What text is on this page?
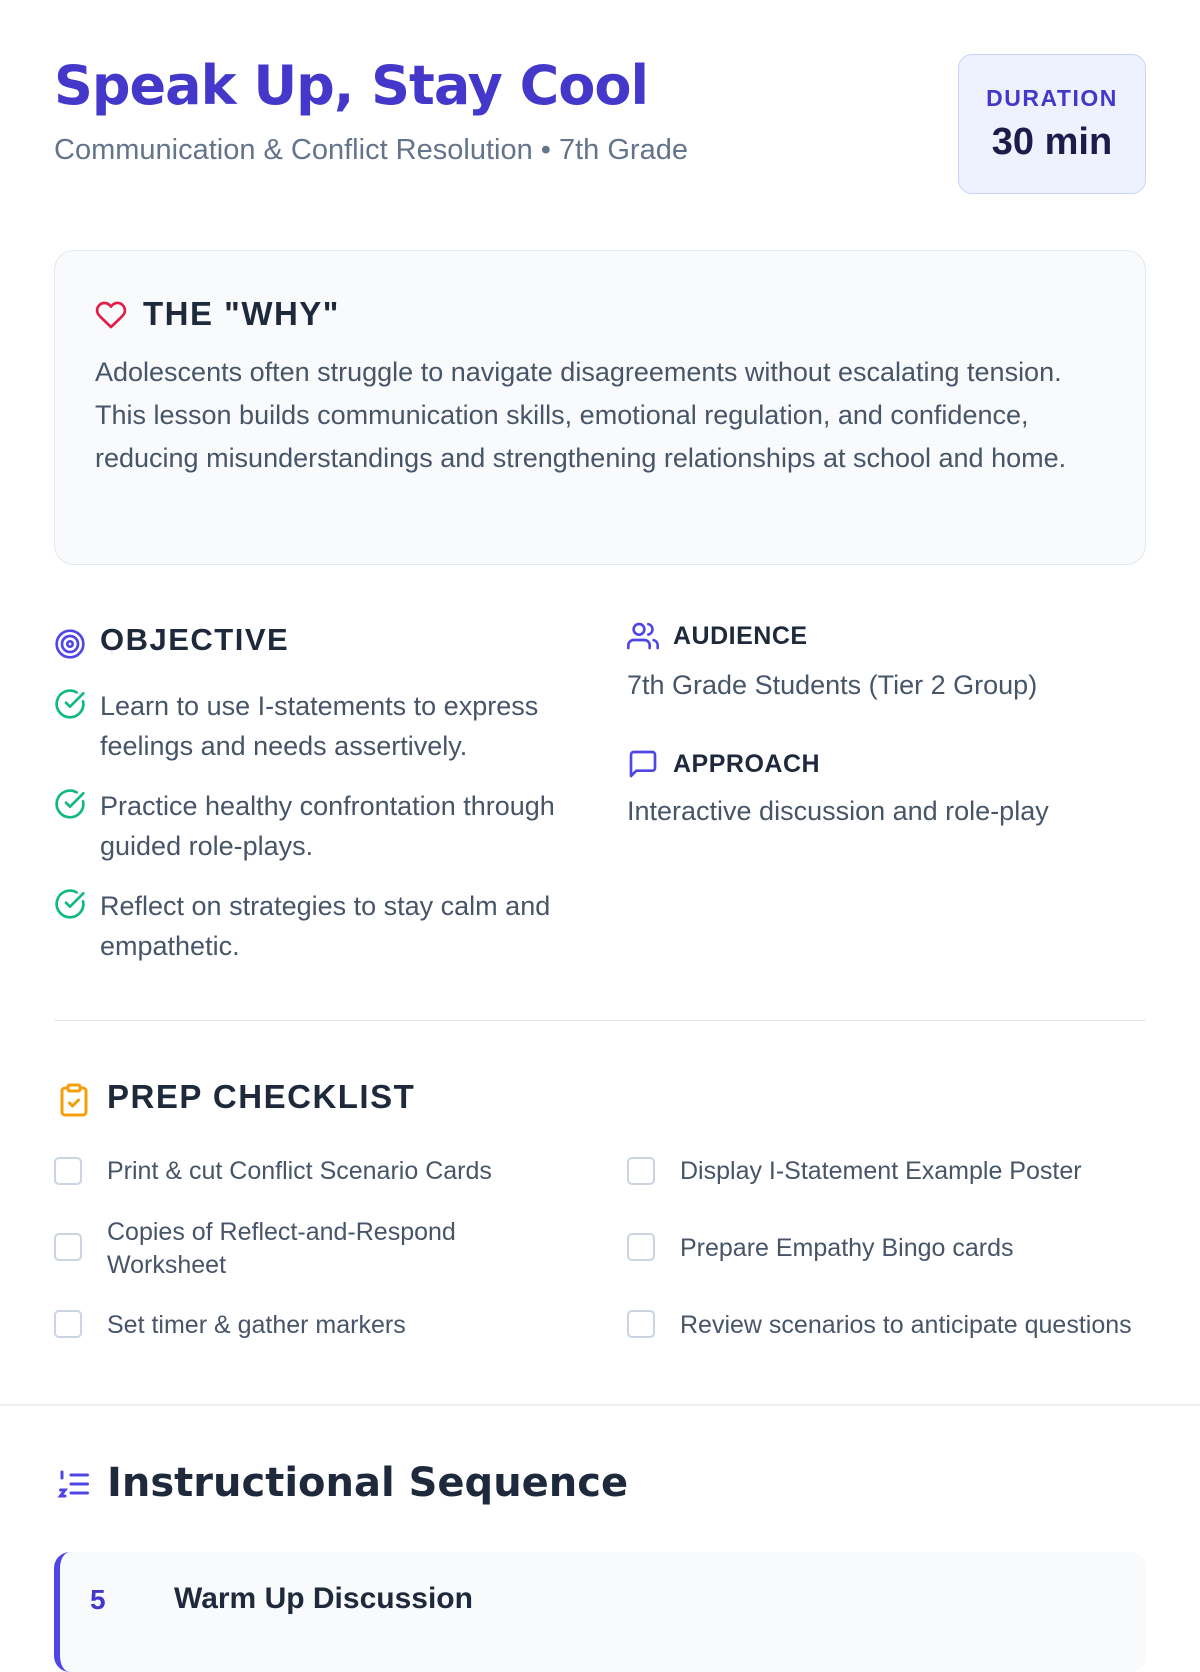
Speak Up, Stay Cool

Communication & Conflict Resolution • 7th Grade

DURATION
30 min
THE "WHY"

Adolescents often struggle to navigate disagreements without escalating tension. This lesson builds communication skills, emotional regulation, and confidence, reducing misunderstandings and strengthening relationships at school and home.

OBJECTIVE
Learn to use I-statements to express feelings and needs assertively.
Practice healthy confrontation through guided role-plays.
Reflect on strategies to stay calm and empathetic.
AUDIENCE

7th Grade Students (Tier 2 Group)

APPROACH

Interactive discussion and role-play

PREP CHECKLIST
Print & cut Conflict Scenario Cards	Display I-Statement Example Poster
Copies of Reflect-and-Respond Worksheet
Prepare Empathy Bingo cards
Set timer & gather markers	Review scenarios to anticipate questions
Instructional Sequence
5 Warm Up Discussion
